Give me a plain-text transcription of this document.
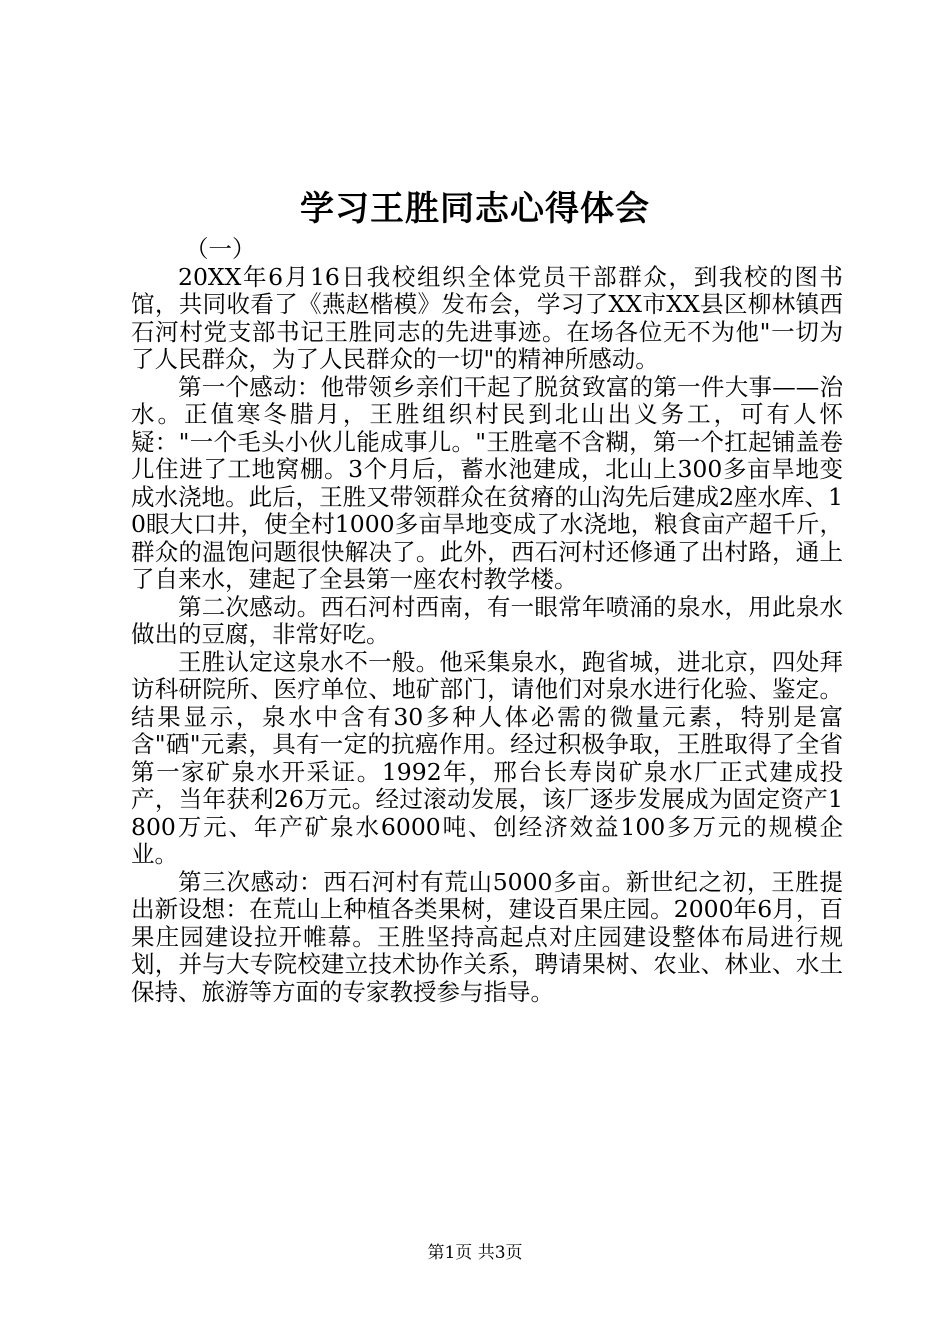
学习王胜同志心得体会

（一）

20XX年6月16日我校组织全体党员干部群众，到我校的图书馆，共同收看了《燕赵楷模》发布会，学习了XX市XX县区柳林镇西石河村党支部书记王胜同志的先进事迹。在场各位无不为他"一切为了人民群众，为了人民群众的一切"的精神所感动。

第一个感动：他带领乡亲们干起了脱贫致富的第一件大事——治水。正值寒冬腊月，王胜组织村民到北山出义务工，可有人怀疑："一个毛头小伙儿能成事儿。"王胜毫不含糊，第一个扛起铺盖卷儿住进了工地窝棚。3个月后，蓄水池建成，北山上300多亩旱地变成水浇地。此后，王胜又带领群众在贫瘠的山沟先后建成2座水库、10眼大口井，使全村1000多亩旱地变成了水浇地，粮食亩产超千斤，群众的温饱问题很快解决了。此外，西石河村还修通了出村路，通上了自来水，建起了全县第一座农村教学楼。

第二次感动。西石河村西南，有一眼常年喷涌的泉水，用此泉水做出的豆腐，非常好吃。

王胜认定这泉水不一般。他采集泉水，跑省城，进北京，四处拜访科研院所、医疗单位、地矿部门，请他们对泉水进行化验、鉴定。结果显示，泉水中含有30多种人体必需的微量元素，特别是富含"硒"元素，具有一定的抗癌作用。经过积极争取，王胜取得了全省第一家矿泉水开采证。1992年，邢台长寿岗矿泉水厂正式建成投产，当年获利26万元。经过滚动发展，该厂逐步发展成为固定资产1800万元、年产矿泉水6000吨、创经济效益100多万元的规模企业。

第三次感动：西石河村有荒山5000多亩。新世纪之初，王胜提出新设想：在荒山上种植各类果树，建设百果庄园。2000年6月，百果庄园建设拉开帷幕。王胜坚持高起点对庄园建设整体布局进行规划，并与大专院校建立技术协作关系，聘请果树、农业、林业、水土保持、旅游等方面的专家教授参与指导。

第1页 共3页
